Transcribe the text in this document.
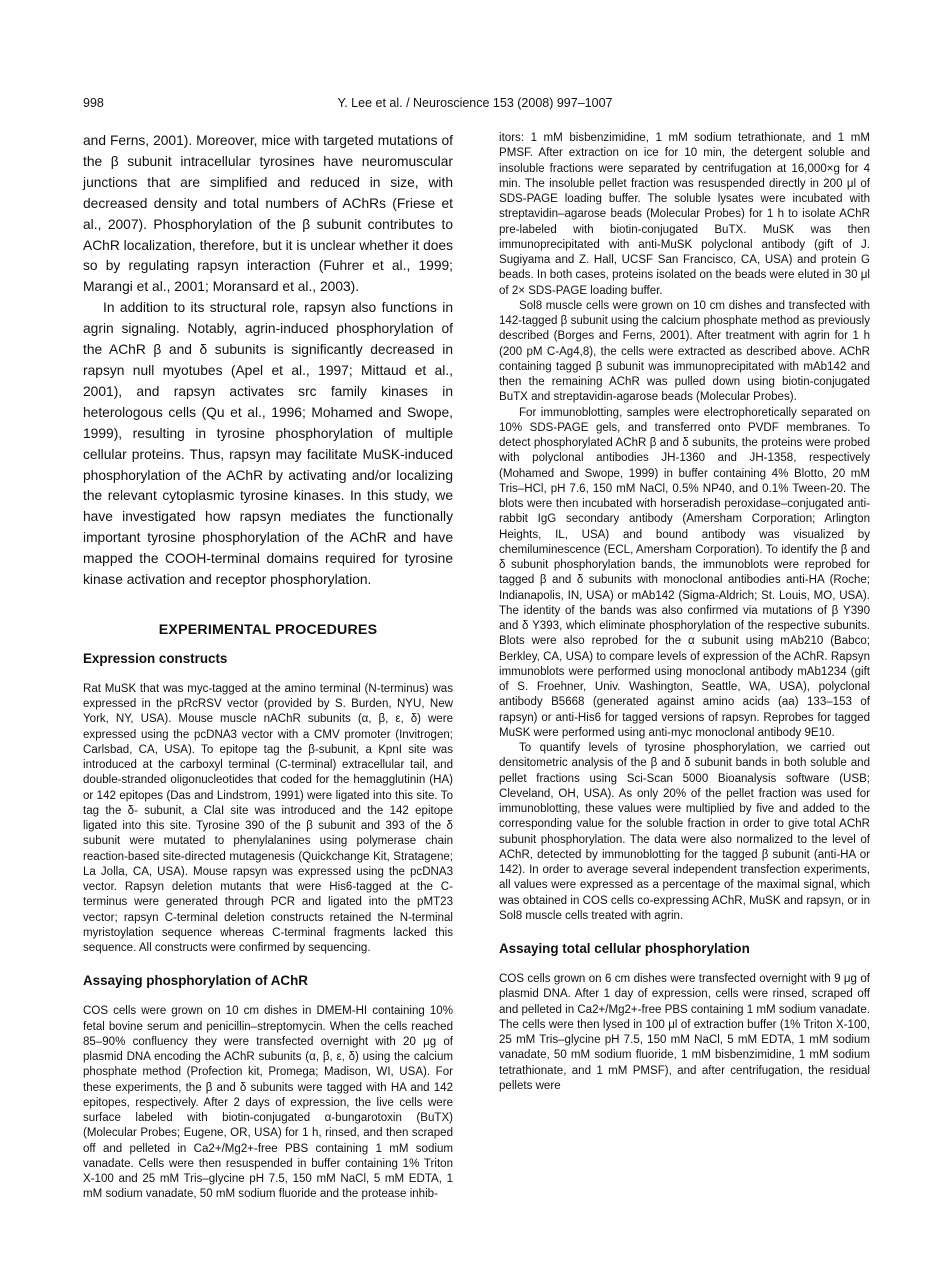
998	Y. Lee et al. / Neuroscience 153 (2008) 997–1007

and Ferns, 2001). Moreover, mice with targeted mutations of the β subunit intracellular tyrosines have neuromuscular junctions that are simplified and reduced in size, with decreased density and total numbers of AChRs (Friese et al., 2007). Phosphorylation of the β subunit contributes to AChR localization, therefore, but it is unclear whether it does so by regulating rapsyn interaction (Fuhrer et al., 1999; Marangi et al., 2001; Moransard et al., 2003).

In addition to its structural role, rapsyn also functions in agrin signaling. Notably, agrin-induced phosphorylation of the AChR β and δ subunits is significantly decreased in rapsyn null myotubes (Apel et al., 1997; Mittaud et al., 2001), and rapsyn activates src family kinases in heterologous cells (Qu et al., 1996; Mohamed and Swope, 1999), resulting in tyrosine phosphorylation of multiple cellular proteins. Thus, rapsyn may facilitate MuSK-induced phosphorylation of the AChR by activating and/or localizing the relevant cytoplasmic tyrosine kinases. In this study, we have investigated how rapsyn mediates the functionally important tyrosine phosphorylation of the AChR and have mapped the COOH-terminal domains required for tyrosine kinase activation and receptor phosphorylation.

EXPERIMENTAL PROCEDURES
Expression constructs

Rat MuSK that was myc-tagged at the amino terminal (N-terminus) was expressed in the pRcRSV vector (provided by S. Burden, NYU, New York, NY, USA). Mouse muscle nAChR subunits (α, β, ε, δ) were expressed using the pcDNA3 vector with a CMV promoter (Invitrogen; Carlsbad, CA, USA). To epitope tag the β-subunit, a KpnI site was introduced at the carboxyl terminal (C-terminal) extracellular tail, and double-stranded oligonucleotides that coded for the hemagglutinin (HA) or 142 epitopes (Das and Lindstrom, 1991) were ligated into this site. To tag the δ- subunit, a ClaI site was introduced and the 142 epitope ligated into this site. Tyrosine 390 of the β subunit and 393 of the δ subunit were mutated to phenylalanines using polymerase chain reaction-based site-directed mutagenesis (Quickchange Kit, Stratagene; La Jolla, CA, USA). Mouse rapsyn was expressed using the pcDNA3 vector. Rapsyn deletion mutants that were His6-tagged at the C-terminus were generated through PCR and ligated into the pMT23 vector; rapsyn C-terminal deletion constructs retained the N-terminal myristoylation sequence whereas C-terminal fragments lacked this sequence. All constructs were confirmed by sequencing.

Assaying phosphorylation of AChR

COS cells were grown on 10 cm dishes in DMEM-HI containing 10% fetal bovine serum and penicillin–streptomycin. When the cells reached 85–90% confluency they were transfected overnight with 20 μg of plasmid DNA encoding the AChR subunits (α, β, ε, δ) using the calcium phosphate method (Profection kit, Promega; Madison, WI, USA). For these experiments, the β and δ subunits were tagged with HA and 142 epitopes, respectively. After 2 days of expression, the live cells were surface labeled with biotin-conjugated α-bungarotoxin (BuTX) (Molecular Probes; Eugene, OR, USA) for 1 h, rinsed, and then scraped off and pelleted in Ca2+/Mg2+-free PBS containing 1 mM sodium vanadate. Cells were then resuspended in buffer containing 1% Triton X-100 and 25 mM Tris–glycine pH 7.5, 150 mM NaCl, 5 mM EDTA, 1 mM sodium vanadate, 50 mM sodium fluoride and the protease inhib-

itors: 1 mM bisbenzimidine, 1 mM sodium tetrathionate, and 1 mM PMSF. After extraction on ice for 10 min, the detergent soluble and insoluble fractions were separated by centrifugation at 16,000×g for 4 min. The insoluble pellet fraction was resuspended directly in 200 μl of SDS-PAGE loading buffer. The soluble lysates were incubated with streptavidin–agarose beads (Molecular Probes) for 1 h to isolate AChR pre-labeled with biotin-conjugated BuTX. MuSK was then immunoprecipitated with anti-MuSK polyclonal antibody (gift of J. Sugiyama and Z. Hall, UCSF San Francisco, CA, USA) and protein G beads. In both cases, proteins isolated on the beads were eluted in 30 μl of 2× SDS-PAGE loading buffer.

Sol8 muscle cells were grown on 10 cm dishes and transfected with 142-tagged β subunit using the calcium phosphate method as previously described (Borges and Ferns, 2001). After treatment with agrin for 1 h (200 pM C-Ag4,8), the cells were extracted as described above. AChR containing tagged β subunit was immunoprecipitated with mAb142 and then the remaining AChR was pulled down using biotin-conjugated BuTX and streptavidin-agarose beads (Molecular Probes).

For immunoblotting, samples were electrophoretically separated on 10% SDS-PAGE gels, and transferred onto PVDF membranes. To detect phosphorylated AChR β and δ subunits, the proteins were probed with polyclonal antibodies JH-1360 and JH-1358, respectively (Mohamed and Swope, 1999) in buffer containing 4% Blotto, 20 mM Tris–HCl, pH 7.6, 150 mM NaCl, 0.5% NP40, and 0.1% Tween-20. The blots were then incubated with horseradish peroxidase–conjugated anti-rabbit IgG secondary antibody (Amersham Corporation; Arlington Heights, IL, USA) and bound antibody was visualized by chemiluminescence (ECL, Amersham Corporation). To identify the β and δ subunit phosphorylation bands, the immunoblots were reprobed for tagged β and δ subunits with monoclonal antibodies anti-HA (Roche; Indianapolis, IN, USA) or mAb142 (Sigma-Aldrich; St. Louis, MO, USA). The identity of the bands was also confirmed via mutations of β Y390 and δ Y393, which eliminate phosphorylation of the respective subunits. Blots were also reprobed for the α subunit using mAb210 (Babco; Berkley, CA, USA) to compare levels of expression of the AChR. Rapsyn immunoblots were performed using monoclonal antibody mAb1234 (gift of S. Froehner, Univ. Washington, Seattle, WA, USA), polyclonal antibody B5668 (generated against amino acids (aa) 133–153 of rapsyn) or anti-His6 for tagged versions of rapsyn. Reprobes for tagged MuSK were performed using anti-myc monoclonal antibody 9E10.

To quantify levels of tyrosine phosphorylation, we carried out densitometric analysis of the β and δ subunit bands in both soluble and pellet fractions using Sci-Scan 5000 Bioanalysis software (USB; Cleveland, OH, USA). As only 20% of the pellet fraction was used for immunoblotting, these values were multiplied by five and added to the corresponding value for the soluble fraction in order to give total AChR subunit phosphorylation. The data were also normalized to the level of AChR, detected by immunoblotting for the tagged β subunit (anti-HA or 142). In order to average several independent transfection experiments, all values were expressed as a percentage of the maximal signal, which was obtained in COS cells co-expressing AChR, MuSK and rapsyn, or in Sol8 muscle cells treated with agrin.

Assaying total cellular phosphorylation

COS cells grown on 6 cm dishes were transfected overnight with 9 μg of plasmid DNA. After 1 day of expression, cells were rinsed, scraped off and pelleted in Ca2+/Mg2+-free PBS containing 1 mM sodium vanadate. The cells were then lysed in 100 μl of extraction buffer (1% Triton X-100, 25 mM Tris–glycine pH 7.5, 150 mM NaCl, 5 mM EDTA, 1 mM sodium vanadate, 50 mM sodium fluoride, 1 mM bisbenzimidine, 1 mM sodium tetrathionate, and 1 mM PMSF), and after centrifugation, the residual pellets were
